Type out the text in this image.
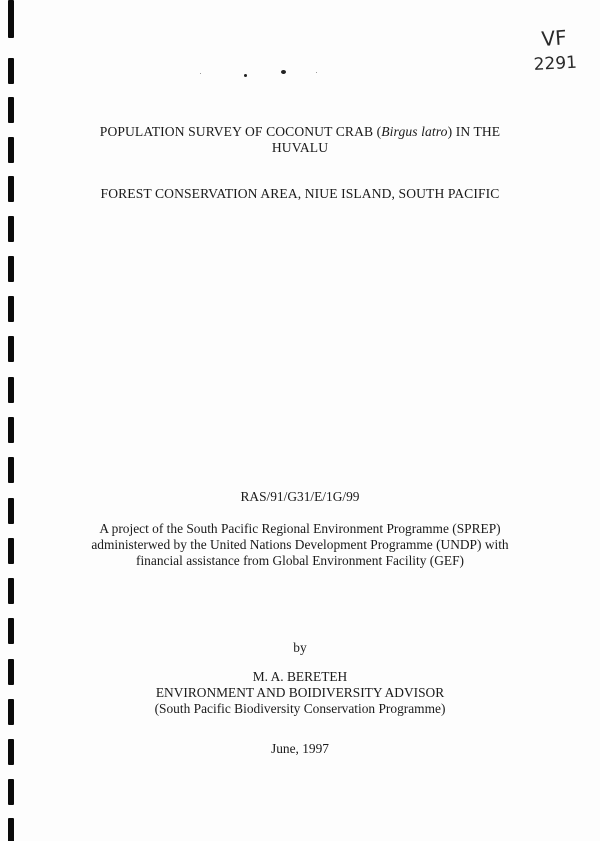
VF
2291
POPULATION SURVEY OF COCONUT CRAB (Birgus latro) IN THE
HUVALU
FOREST CONSERVATION AREA, NIUE ISLAND, SOUTH PACIFIC
RAS/91/G31/E/1G/99
A project of the South Pacific Regional Environment Programme (SPREP)
administerwed by the United Nations Development Programme (UNDP) with
financial assistance from Global Environment Facility (GEF)
by
M. A. BERETEH
ENVIRONMENT AND BOIDIVERSITY ADVISOR
(South Pacific Biodiversity Conservation Programme)
June, 1997
